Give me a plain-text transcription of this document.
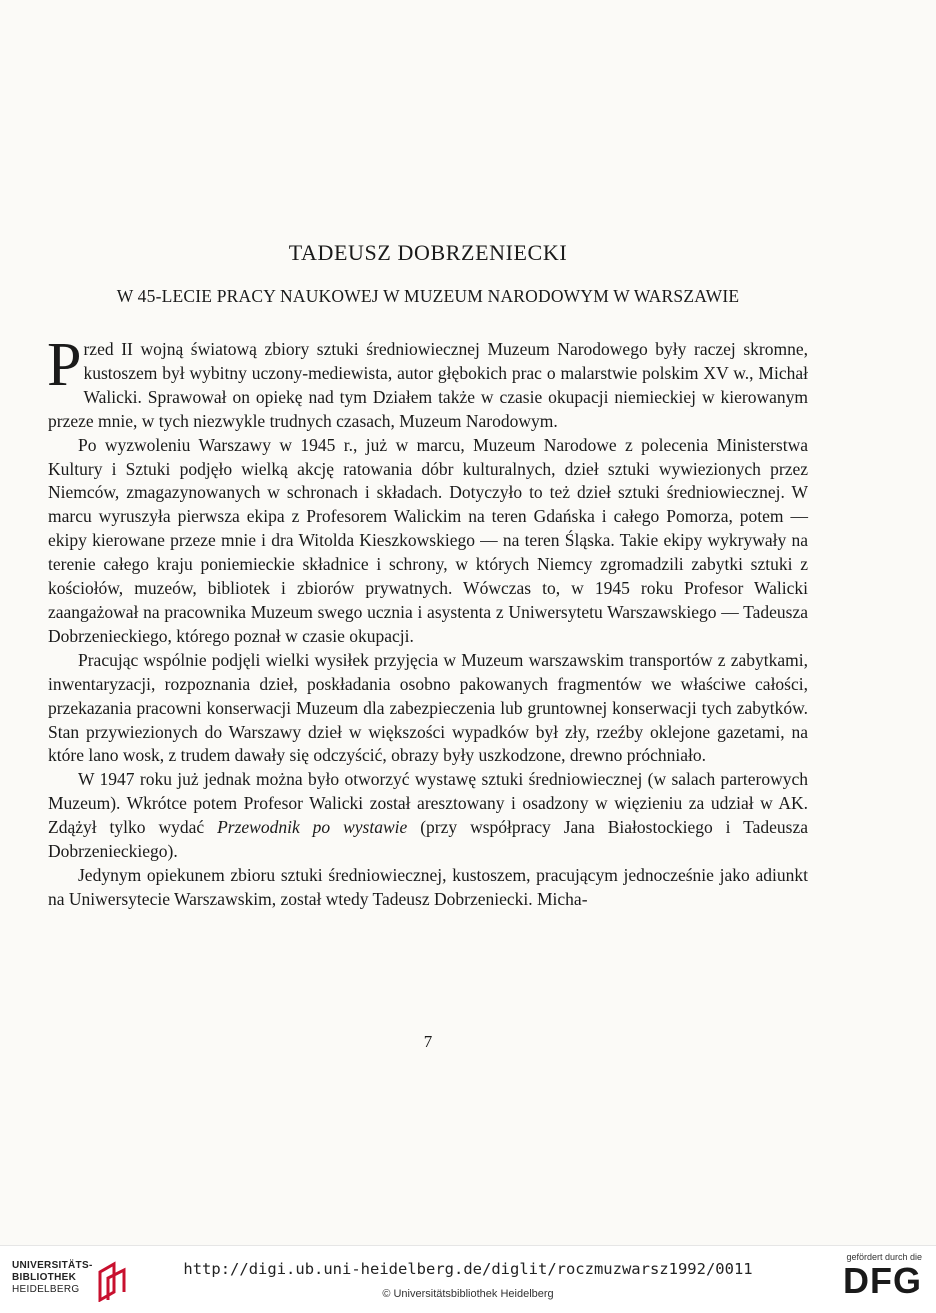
TADEUSZ DOBRZENIECKI
W 45-LECIE PRACY NAUKOWEJ W MUZEUM NARODOWYM W WARSZAWIE

Przed II wojną światową zbiory sztuki średniowiecznej Muzeum Narodowego były raczej skromne, kustoszem był wybitny uczony-mediewista, autor głębokich prac o malarstwie polskim XV w., Michał Walicki. Sprawował on opiekę nad tym Działem także w czasie okupacji niemieckiej w kierowanym przeze mnie, w tych niezwykle trudnych czasach, Muzeum Narodowym.

Po wyzwoleniu Warszawy w 1945 r., już w marcu, Muzeum Narodowe z polecenia Ministerstwa Kultury i Sztuki podjęło wielką akcję ratowania dóbr kulturalnych, dzieł sztuki wywiezionych przez Niemców, zmagazynowanych w schronach i składach. Dotyczyło to też dzieł sztuki średniowiecznej. W marcu wyruszyła pierwsza ekipa z Profesorem Walickim na teren Gdańska i całego Pomorza, potem — ekipy kierowane przeze mnie i dra Witolda Kieszkowskiego — na teren Śląska. Takie ekipy wykrywały na terenie całego kraju poniemieckie składnice i schrony, w których Niemcy zgromadzili zabytki sztuki z kościołów, muzeów, bibliotek i zbiorów prywatnych. Wówczas to, w 1945 roku Profesor Walicki zaangażował na pracownika Muzeum swego ucznia i asystenta z Uniwersytetu Warszawskiego — Tadeusza Dobrzenieckiego, którego poznał w czasie okupacji.

Pracując wspólnie podjęli wielki wysiłek przyjęcia w Muzeum warszawskim transportów z zabytkami, inwentaryzacji, rozpoznania dzieł, poskładania osobno pakowanych fragmentów we właściwe całości, przekazania pracowni konserwacji Muzeum dla zabezpieczenia lub gruntownej konserwacji tych zabytków. Stan przywiezionych do Warszawy dzieł w większości wypadków był zły, rzeźby oklejone gazetami, na które lano wosk, z trudem dawały się odczyścić, obrazy były uszkodzone, drewno próchniało.

W 1947 roku już jednak można było otworzyć wystawę sztuki średniowiecznej (w salach parterowych Muzeum). Wkrótce potem Profesor Walicki został aresztowany i osadzony w więzieniu za udział w AK. Zdążył tylko wydać Przewodnik po wystawie (przy współpracy Jana Białostockiego i Tadeusza Dobrzenieckiego).

Jedynym opiekunem zbioru sztuki średniowiecznej, kustoszem, pracującym jednocześnie jako adiunkt na Uniwersytecie Warszawskim, został wtedy Tadeusz Dobrzeniecki. Micha-

7
UNIVERSITÄTS-
BIBLIOTHEK
HEIDELBERG
http://digi.ub.uni-heidelberg.de/diglit/roczmuzwarsz1992/0011
© Universitätsbibliothek Heidelberg
gefördert durch die
DFG
